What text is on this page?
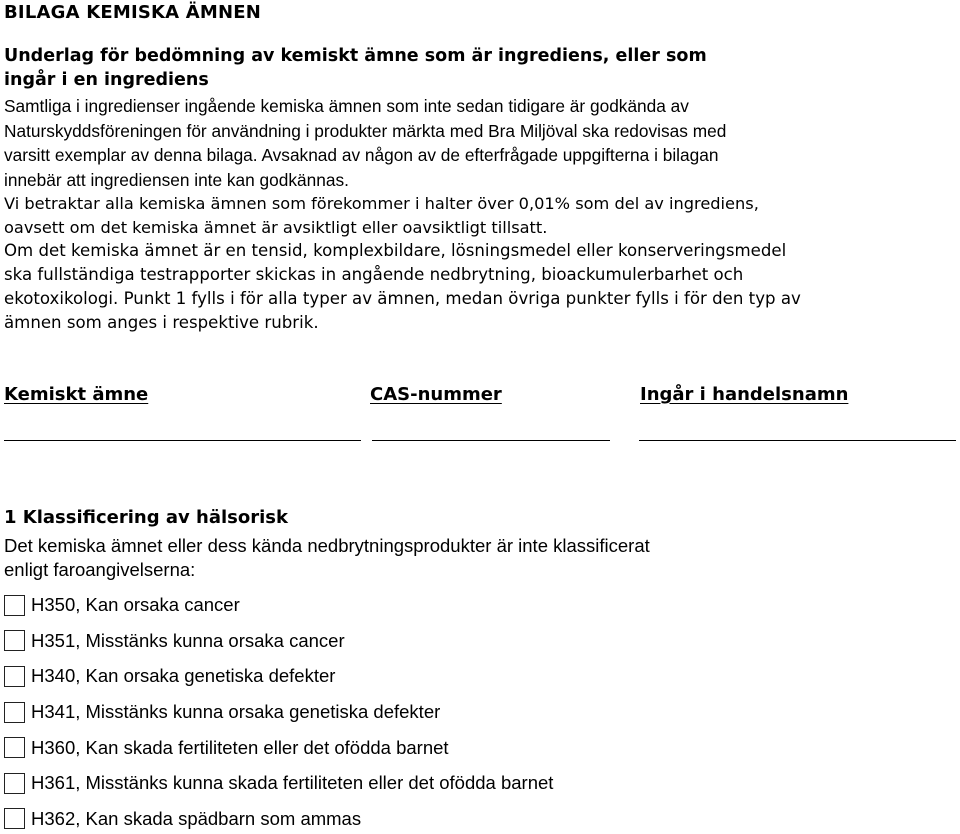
BILAGA KEMISKA ÄMNEN
Underlag för bedömning av kemiskt ämne som är ingrediens, eller som
ingår i en ingrediens
Samtliga i ingredienser ingående kemiska ämnen som inte sedan tidigare är godkända av
Naturskyddsföreningen för användning i produkter märkta med Bra Miljöval ska redovisas med
varsitt exemplar av denna bilaga. Avsaknad av någon av de efterfrågade uppgifterna i bilagan
innebär att ingrediensen inte kan godkännas.
Vi betraktar alla kemiska ämnen som förekommer i halter över 0,01% som del av ingrediens,
oavsett om det kemiska ämnet är avsiktligt eller oavsiktligt tillsatt.
Om det kemiska ämnet är en tensid, komplexbildare, lösningsmedel eller konserveringsmedel
ska fullständiga testrapporter skickas in angående nedbrytning, bioackumulerbarhet och
ekotoxikologi. Punkt 1 fylls i för alla typer av ämnen, medan övriga punkter fylls i för den typ av
ämnen som anges i respektive rubrik.
Kemiskt ämne	CAS-nummer	Ingår i handelsnamn
1 Klassificering av hälsorisk
Det kemiska ämnet eller dess kända nedbrytningsprodukter är inte klassificerat
enligt faroangivelserna:
H350, Kan orsaka cancer
H351, Misstänks kunna orsaka cancer
H340, Kan orsaka genetiska defekter
H341, Misstänks kunna orsaka genetiska defekter
H360, Kan skada fertiliteten eller det ofödda barnet
H361, Misstänks kunna skada fertiliteten eller det ofödda barnet
H362, Kan skada spädbarn som ammas
